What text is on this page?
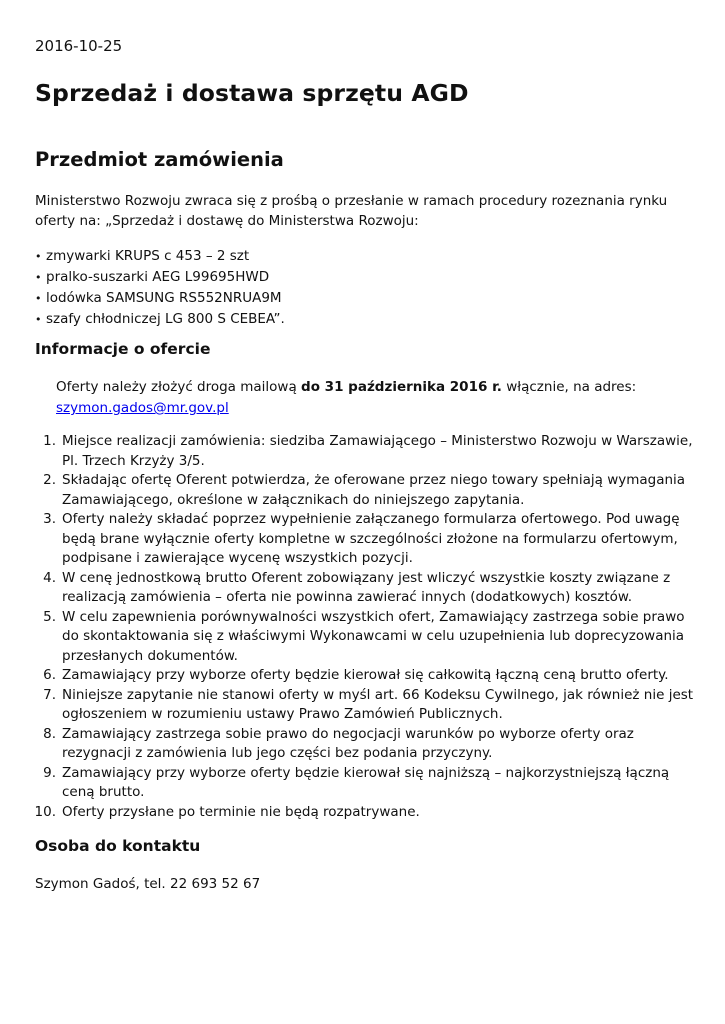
2016-10-25
Sprzedaż i dostawa sprzętu AGD
Przedmiot zamówienia

Ministerstwo Rozwoju zwraca się z prośbą o przesłanie w ramach procedury rozeznania rynku oferty na: „Sprzedaż i dostawę do Ministerstwa Rozwoju:

• zmywarki KRUPS c 453 – 2 szt
• pralko-suszarki AEG L99695HWD
• lodówka SAMSUNG RS552NRUA9M
• szafy chłodniczej LG 800 S CEBEA”.
Informacje o ofercie

Oferty należy złożyć droga mailową do 31 października 2016 r. włącznie, na adres:
szymon.gados@mr.gov.pl

1. Miejsce realizacji zamówienia: siedziba Zamawiającego – Ministerstwo Rozwoju w Warszawie, Pl. Trzech Krzyży 3/5.
2. Składając ofertę Oferent potwierdza, że oferowane przez niego towary spełniają wymagania Zamawiającego, określone w załącznikach do niniejszego zapytania.
3. Oferty należy składać poprzez wypełnienie załączanego formularza ofertowego. Pod uwagę będą brane wyłącznie oferty kompletne w szczególności złożone na formularzu ofertowym, podpisane i zawierające wycenę wszystkich pozycji.
4. W cenę jednostkową brutto Oferent zobowiązany jest wliczyć wszystkie koszty związane z realizacją zamówienia – oferta nie powinna zawierać innych (dodatkowych) kosztów.
5. W celu zapewnienia porównywalności wszystkich ofert, Zamawiający zastrzega sobie prawo do skontaktowania się z właściwymi Wykonawcami w celu uzupełnienia lub doprecyzowania przesłanych dokumentów.
6. Zamawiający przy wyborze oferty będzie kierował się całkowitą łączną ceną brutto oferty.
7. Niniejsze zapytanie nie stanowi oferty w myśl art. 66 Kodeksu Cywilnego, jak również nie jest ogłoszeniem w rozumieniu ustawy Prawo Zamówień Publicznych.
8. Zamawiający zastrzega sobie prawo do negocjacji warunków po wyborze oferty oraz rezygnacji z zamówienia lub jego części bez podania przyczyny.
9. Zamawiający przy wyborze oferty będzie kierował się najniższą – najkorzystniejszą łączną ceną brutto.
10. Oferty przysłane po terminie nie będą rozpatrywane.
Osoba do kontaktu

Szymon Gadoś, tel. 22 693 52 67
